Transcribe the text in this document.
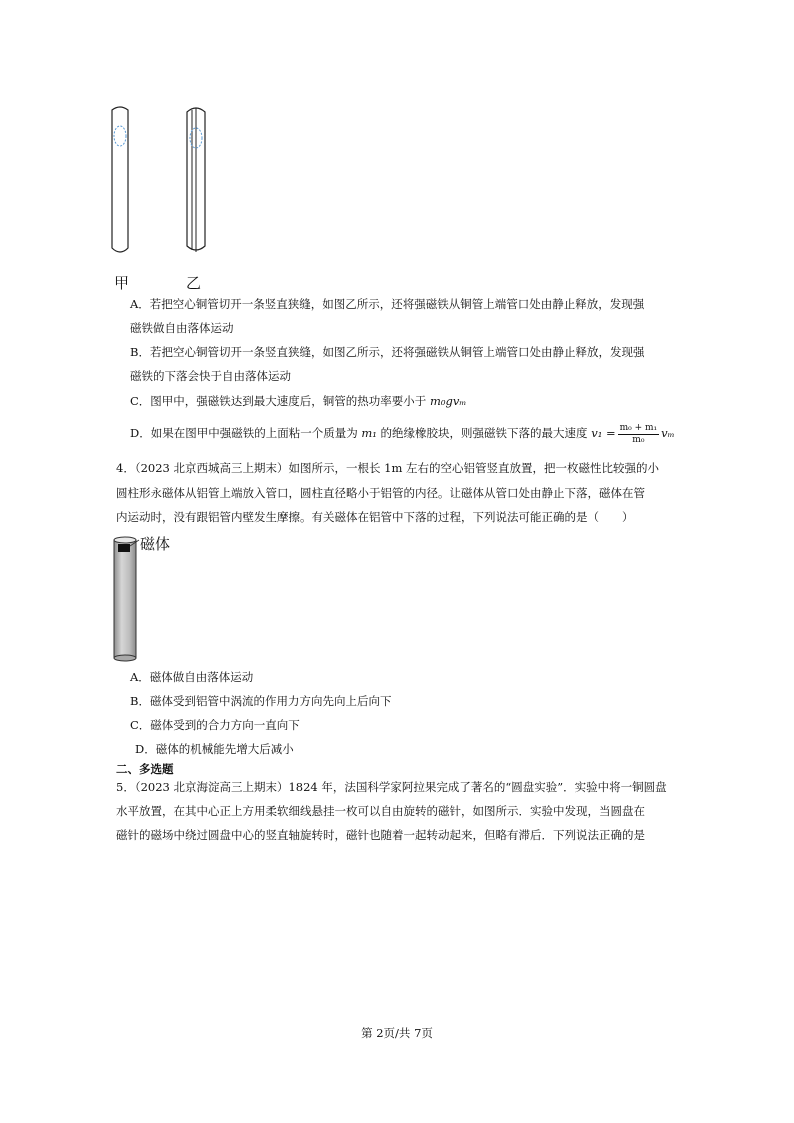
甲	乙
A．若把空心铜管切开一条竖直狭缝，如图乙所示，还将强磁铁从铜管上端管口处由静止释放，发现强
磁铁做自由落体运动
B．若把空心铜管切开一条竖直狭缝，如图乙所示，还将强磁铁从铜管上端管口处由静止释放，发现强
磁铁的下落会快于自由落体运动
C．图甲中，强磁铁达到最大速度后，铜管的热功率要小于 m₀gvₘ
D．如果在图甲中强磁铁的上面粘一个质量为 m₁ 的绝缘橡胶块，则强磁铁下落的最大速度 $v_1 = \frac{\text{m₀ + m₁}}{\text{m₀}}$ vₘ
4．（2023 北京西城高三上期末）如图所示，一根长 1m 左右的空心铝管竖直放置，把一枚磁性比较强的小
圆柱形永磁体从铝管上端放入管口，圆柱直径略小于铝管的内径。让磁体从管口处由静止下落，磁体在管
内运动时，没有跟铝管内壁发生摩擦。有关磁体在铝管中下落的过程，下列说法可能正确的是（　　）
磁体
A．磁体做自由落体运动
B．磁体受到铝管中涡流的作用力方向先向上后向下
C．磁体受到的合力方向一直向下
D．磁体的机械能先增大后减小
二、多选题
5．（2023 北京海淀高三上期末）1824 年，法国科学家阿拉果完成了著名的“圆盘实验”．实验中将一铜圆盘
水平放置，在其中心正上方用柔软细线悬挂一枚可以自由旋转的磁针，如图所示．实验中发现，当圆盘在
磁针的磁场中绕过圆盘中心的竖直轴旋转时，磁针也随着一起转动起来，但略有滞后．下列说法正确的是
第 2页/共 7页
